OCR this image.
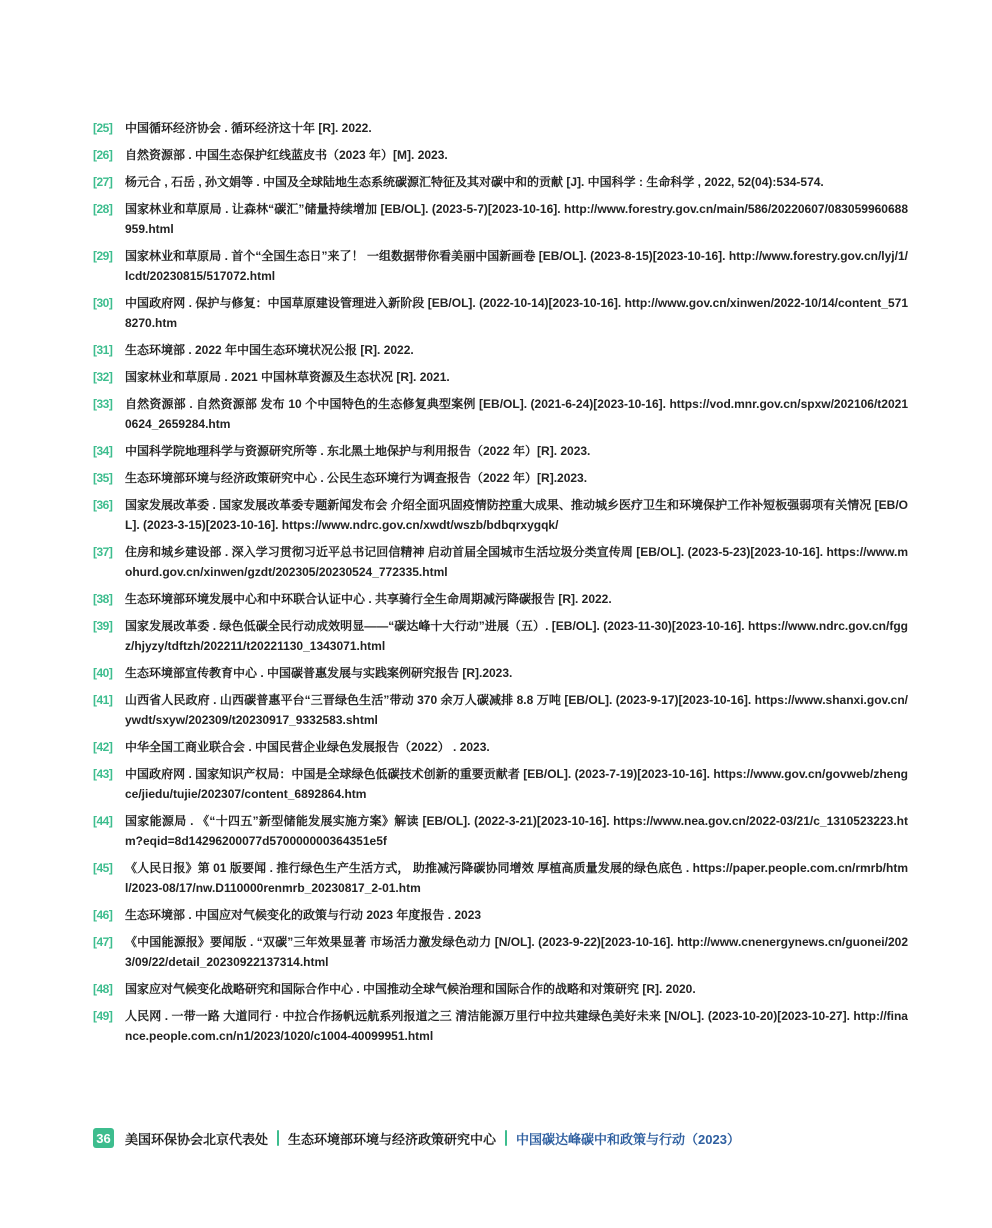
[25]	中国循环经济协会 . 循环经济这十年 [R]. 2022.
[26]	自然资源部 . 中国生态保护红线蓝皮书（2023 年）[M]. 2023.
[27]	杨元合 , 石岳 , 孙文娟等 . 中国及全球陆地生态系统碳源汇特征及其对碳中和的贡献 [J]. 中国科学 : 生命科学 , 2022, 52(04):534-574.
[28]	国家林业和草原局 . 让森林“碳汇”储量持续增加 [EB/OL]. (2023-5-7)[2023-10-16]. http://www.forestry.gov.cn/main/586/20220607/083059960688959.html
[29]	国家林业和草原局 . 首个“全国生态日”来了！ 一组数据带你看美丽中国新画卷 [EB/OL]. (2023-8-15)[2023-10-16]. http://www.forestry.gov.cn/lyj/1/lcdt/20230815/517072.html
[30]	中国政府网 . 保护与修复：中国草原建设管理进入新阶段 [EB/OL]. (2022-10-14)[2023-10-16]. http://www.gov.cn/xinwen/2022-10/14/content_5718270.htm
[31]	生态环境部 . 2022 年中国生态环境状况公报 [R]. 2022.
[32]	国家林业和草原局 . 2021 中国林草资源及生态状况 [R]. 2021.
[33]	自然资源部 . 自然资源部 发布 10 个中国特色的生态修复典型案例 [EB/OL]. (2021-6-24)[2023-10-16]. https://vod.mnr.gov.cn/spxw/202106/t20210624_2659284.htm
[34]	中国科学院地理科学与资源研究所等 . 东北黑土地保护与利用报告（2022 年）[R]. 2023.
[35]	生态环境部环境与经济政策研究中心 . 公民生态环境行为调查报告（2022 年）[R].2023.
[36]	国家发展改革委 . 国家发展改革委专题新闻发布会 介绍全面巩固疫情防控重大成果、推动城乡医疗卫生和环境保护工作补短板强弱项有关情况 [EB/OL]. (2023-3-15)[2023-10-16]. https://www.ndrc.gov.cn/xwdt/wszb/bdbqrxygqk/
[37]	住房和城乡建设部 . 深入学习贯彻习近平总书记回信精神 启动首届全国城市生活垃圾分类宣传周 [EB/OL]. (2023-5-23)[2023-10-16]. https://www.mohurd.gov.cn/xinwen/gzdt/202305/20230524_772335.html
[38]	生态环境部环境发展中心和中环联合认证中心 . 共享骑行全生命周期减污降碳报告 [R]. 2022.
[39]	国家发展改革委 . 绿色低碳全民行动成效明显——“碳达峰十大行动”进展（五）. [EB/OL]. (2023-11-30)[2023-10-16]. https://www.ndrc.gov.cn/fggz/hjyzy/tdftzh/202211/t20221130_1343071.html
[40]	生态环境部宣传教育中心 . 中国碳普惠发展与实践案例研究报告 [R].2023.
[41]	山西省人民政府 . 山西碳普惠平台“三晋绿色生活”带动 370 余万人碳减排 8.8 万吨 [EB/OL]. (2023-9-17)[2023-10-16]. https://www.shanxi.gov.cn/ywdt/sxyw/202309/t20230917_9332583.shtml
[42]	中华全国工商业联合会 . 中国民营企业绿色发展报告（2022） . 2023.
[43]	中国政府网 . 国家知识产权局：中国是全球绿色低碳技术创新的重要贡献者 [EB/OL]. (2023-7-19)[2023-10-16]. https://www.gov.cn/govweb/zhengce/jiedu/tujie/202307/content_6892864.htm
[44]	国家能源局 . 《“十四五”新型储能发展实施方案》解读 [EB/OL]. (2022-3-21)[2023-10-16]. https://www.nea.gov.cn/2022-03/21/c_1310523223.htm?eqid=8d14296200077d570000000364351e5f
[45]	《人民日报》第 01 版要闻 . 推行绿色生产生活方式， 助推减污降碳协同增效 厚植高质量发展的绿色底色 . https://paper.people.com.cn/rmrb/html/2023-08/17/nw.D110000renmrb_20230817_2-01.htm
[46]	生态环境部 . 中国应对气候变化的政策与行动 2023 年度报告 . 2023
[47]	《中国能源报》要闻版 . “双碳”三年效果显著 市场活力激发绿色动力 [N/OL]. (2023-9-22)[2023-10-16]. http://www.cnenergynews.cn/guonei/2023/09/22/detail_20230922137314.html
[48]	国家应对气候变化战略研究和国际合作中心 . 中国推动全球气候治理和国际合作的战略和对策研究 [R]. 2020.
[49]	人民网 . 一带一路 大道同行 · 中拉合作扬帆远航系列报道之三 清洁能源万里行中拉共建绿色美好未来 [N/OL]. (2023-10-20)[2023-10-27]. http://finance.people.com.cn/n1/2023/1020/c1004-40099951.html
36 美国环保协会北京代表处 生态环境部环境与经济政策研究中心 中国碳达峰碳中和政策与行动（2023）
